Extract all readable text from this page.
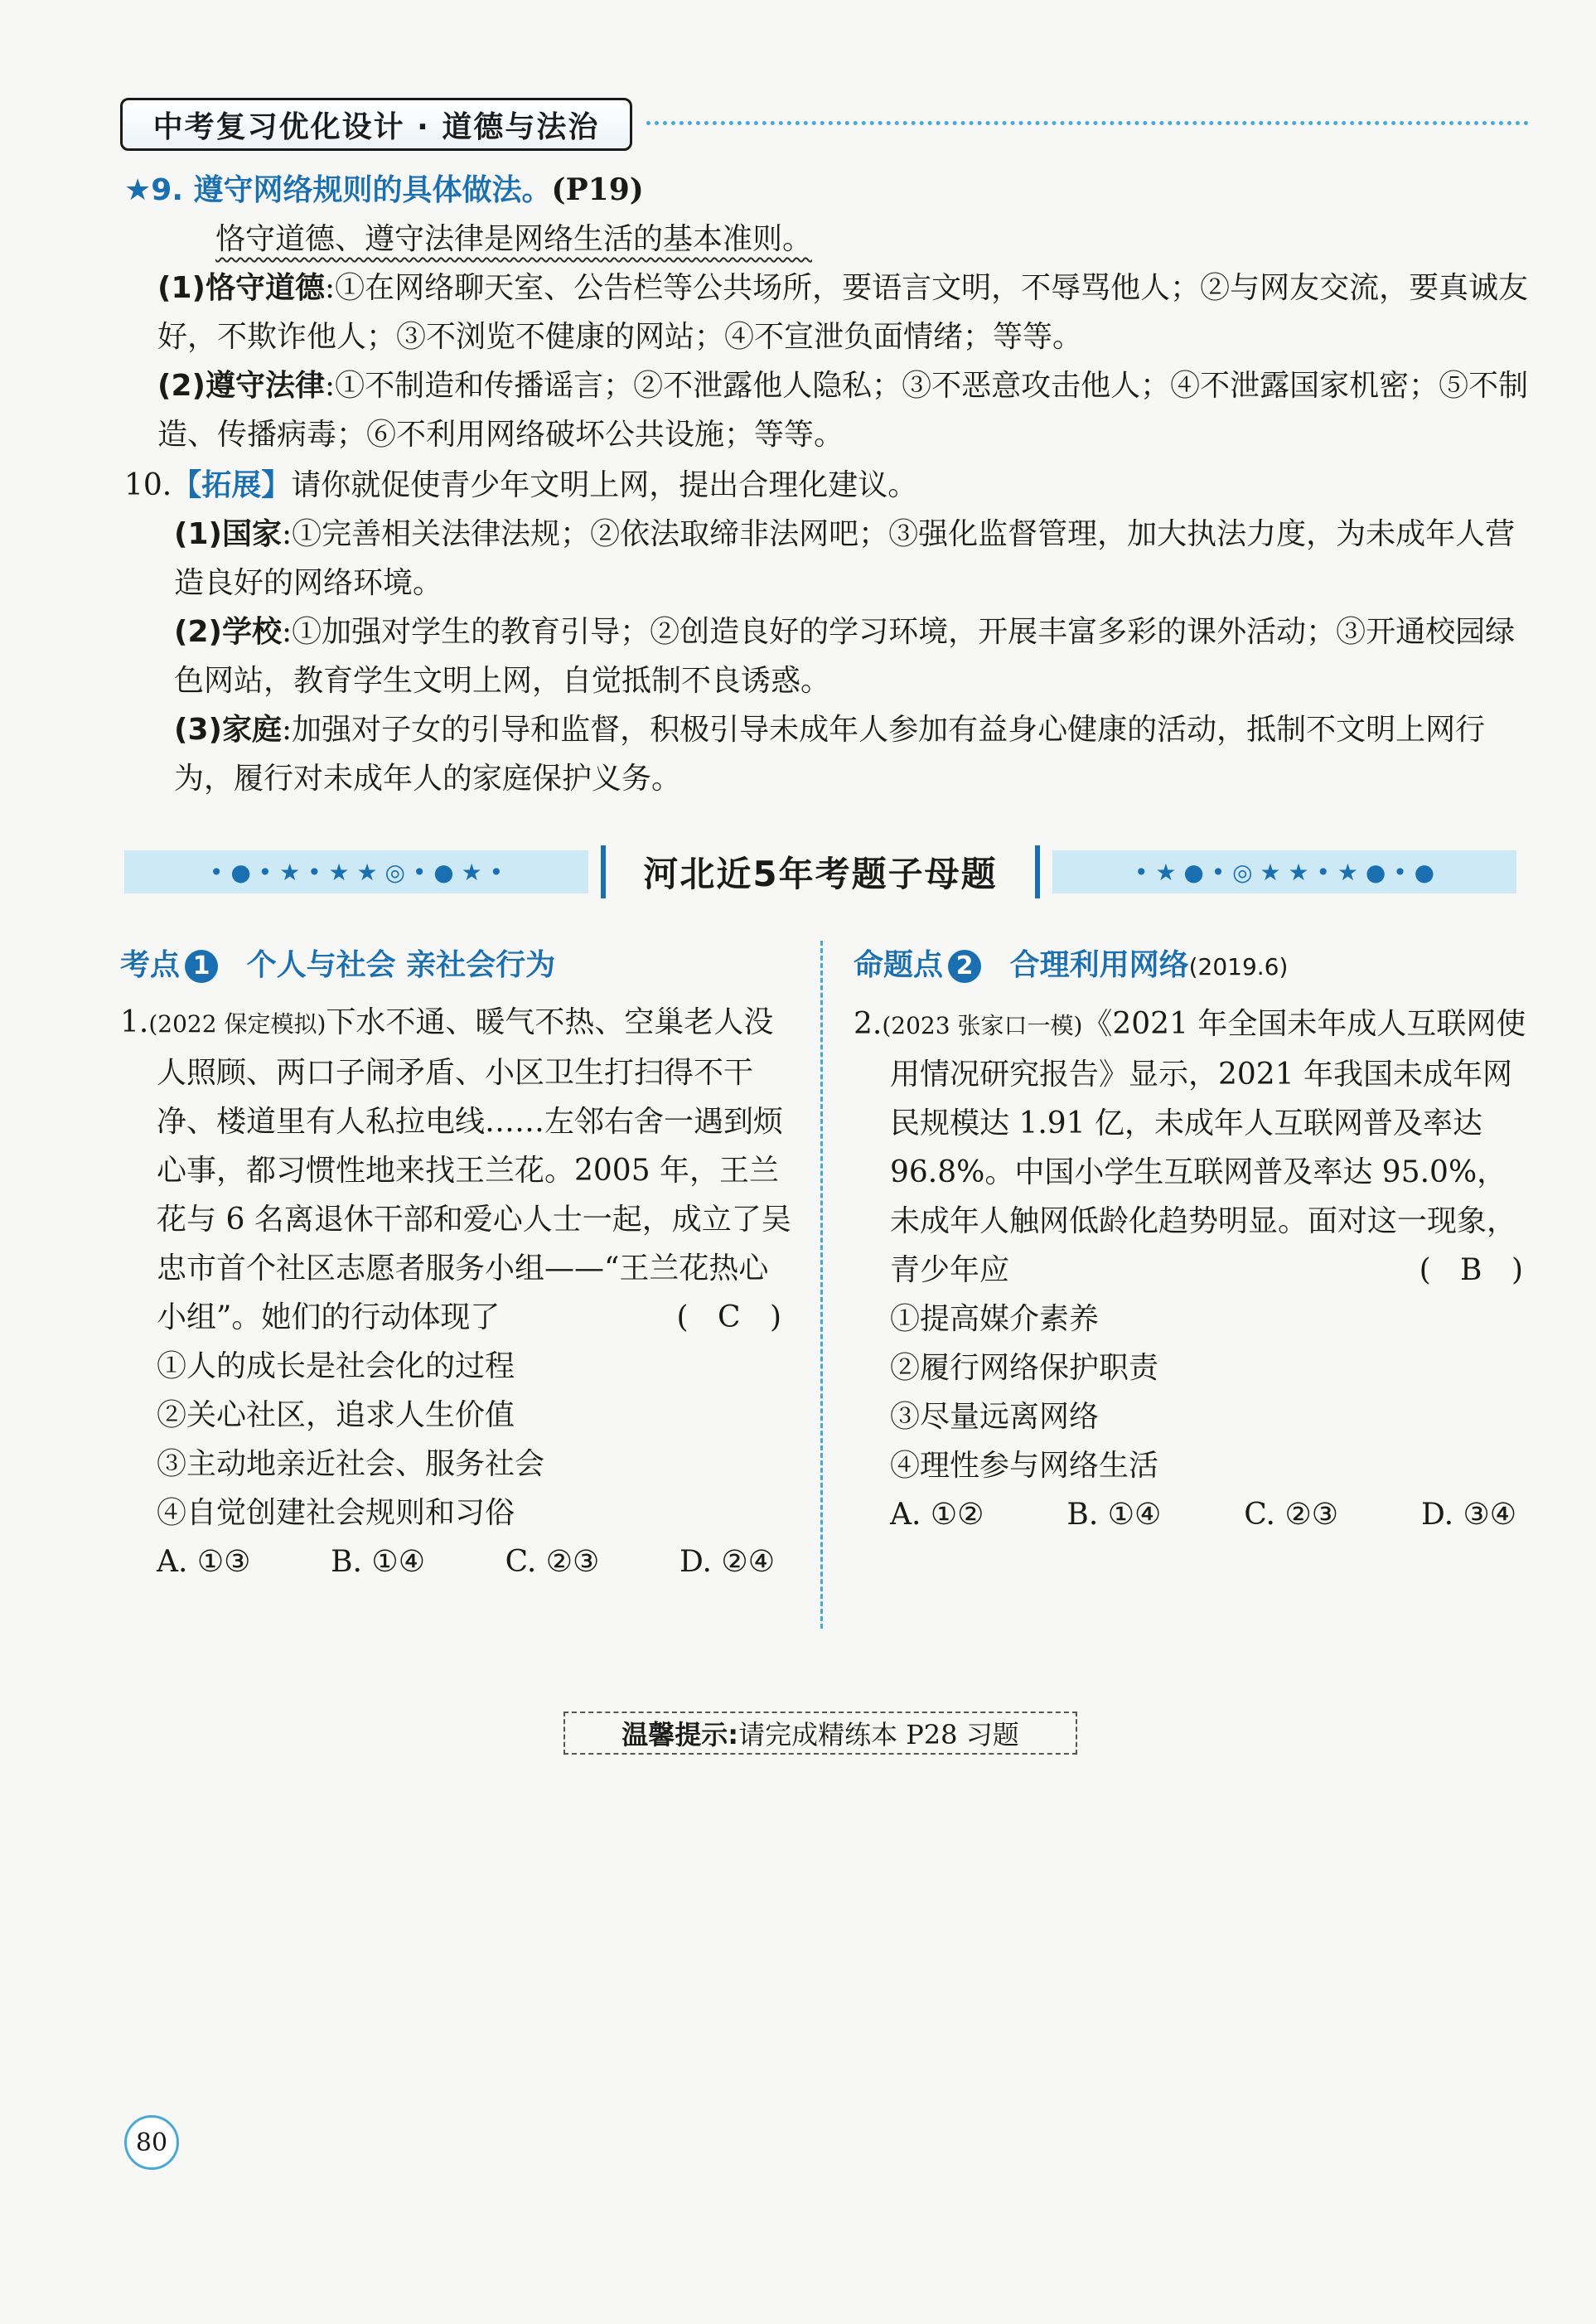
中考复习优化设计 · 道德与法治
★9. 遵守网络规则的具体做法。(P19)
恪守道德、遵守法律是网络生活的基本准则。
(1)恪守道德:①在网络聊天室、公告栏等公共场所，要语言文明，不辱骂他人；②与网友交流，要真诚友好，不欺诈他人；③不浏览不健康的网站；④不宣泄负面情绪；等等。
(2)遵守法律:①不制造和传播谣言；②不泄露他人隐私；③不恶意攻击他人；④不泄露国家机密；⑤不制造、传播病毒；⑥不利用网络破坏公共设施；等等。
10.【拓展】请你就促使青少年文明上网，提出合理化建议。
(1)国家:①完善相关法律法规；②依法取缔非法网吧；③强化监督管理，加大执法力度，为未成年人营造良好的网络环境。
(2)学校:①加强对学生的教育引导；②创造良好的学习环境，开展丰富多彩的课外活动；③开通校园绿色网站，教育学生文明上网，自觉抵制不良诱惑。
(3)家庭:加强对子女的引导和监督，积极引导未成年人参加有益身心健康的活动，抵制不文明上网行为，履行对未成年人的家庭保护义务。
• ● • ★ • ★ ★ ◎ • ● ★ •	河北近5年考题子母题	• ★ ● • ◎ ★ ★ • ★ ● • ●
考点 1 个人与社会 亲社会行为
1.(2022 保定模拟)下水不通、暖气不热、空巢老人没人照顾、两口子闹矛盾、小区卫生打扫得不干净、楼道里有人私拉电线……左邻右舍一遇到烦心事，都习惯性地来找王兰花。2005 年，王兰花与 6 名离退休干部和爱心人士一起，成立了吴忠市首个社区志愿者服务小组——“王兰花热心小组”。她们的行动体现了	( C )
①人的成长是社会化的过程
②关心社区，追求人生价值
③主动地亲近社会、服务社会
④自觉创建社会规则和习俗
A. ①③	B. ①④	C. ②③	D. ②④
命题点 2 合理利用网络(2019.6)
2.(2023 张家口一模)《2021 年全国未年成人互联网使用情况研究报告》显示，2021 年我国未成年网民规模达 1.91 亿，未成年人互联网普及率达 96.8%。中国小学生互联网普及率达 95.0%，未成年人触网低龄化趋势明显。面对这一现象，青少年应	( B )
①提高媒介素养
②履行网络保护职责
③尽量远离网络
④理性参与网络生活
A. ①②	B. ①④	C. ②③	D. ③④
温馨提示: 请完成精练本 P28 习题
80
